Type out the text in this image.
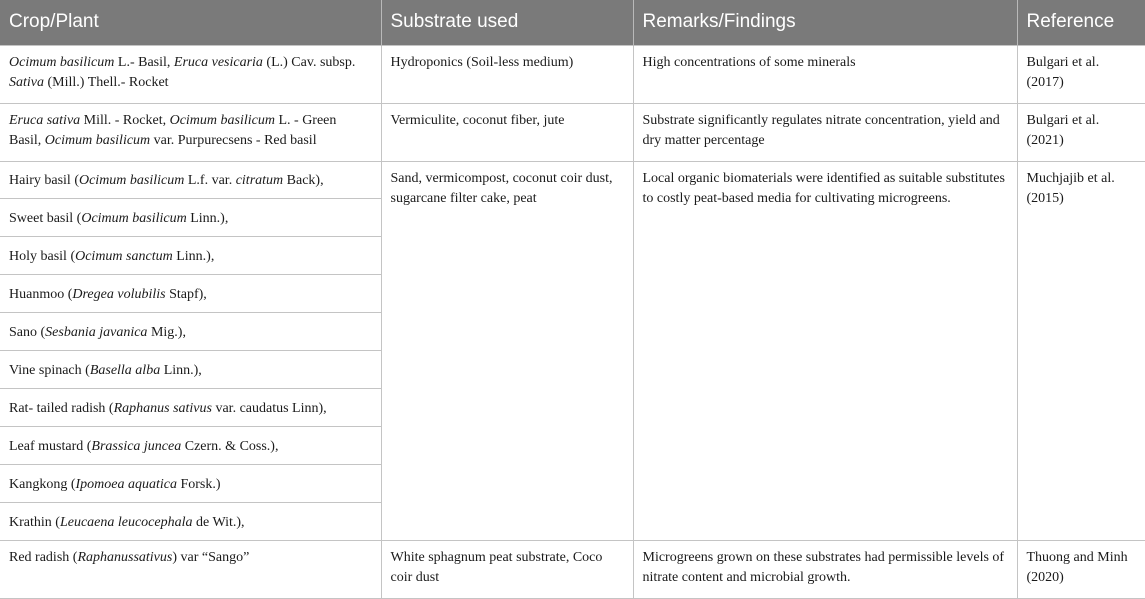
Crop/Plant	Substrate used	Remarks/Findings	Reference
Ocimum basilicum L.- Basil, Eruca vesicaria (L.) Cav. subsp. Sativa (Mill.) Thell.- Rocket	Hydroponics (Soil-less medium)	High concentrations of some minerals	Bulgari et al. (2017)
Eruca sativa Mill. - Rocket, Ocimum basilicum L. - Green Basil, Ocimum basilicum var. Purpurecsens - Red basil	Vermiculite, coconut fiber, jute	Substrate significantly regulates nitrate concentration, yield and dry matter percentage	Bulgari et al. (2021)
Hairy basil (Ocimum basilicum L.f. var. citratum Back),	Sand, vermicompost, coconut coir dust, sugarcane filter cake, peat	Local organic biomaterials were identified as suitable substitutes to costly peat-based media for cultivating microgreens.	Muchjajib et al. (2015)
Sweet basil (Ocimum basilicum Linn.),			
Holy basil (Ocimum sanctum Linn.),			
Huanmoo (Dregea volubilis Stapf),			
Sano (Sesbania javanica Mig.),			
Vine spinach (Basella alba Linn.),			
Rat- tailed radish (Raphanus sativus var. caudatus Linn),			
Leaf mustard (Brassica juncea Czern. & Coss.),			
Kangkong (Ipomoea aquatica Forsk.)			
Krathin (Leucaena leucocephala de Wit.),			
Red radish (Raphanussativus) var “Sango”	White sphagnum peat substrate, Coco coir dust	Microgreens grown on these substrates had permissible levels of nitrate content and microbial growth.	Thuong and Minh (2020)
